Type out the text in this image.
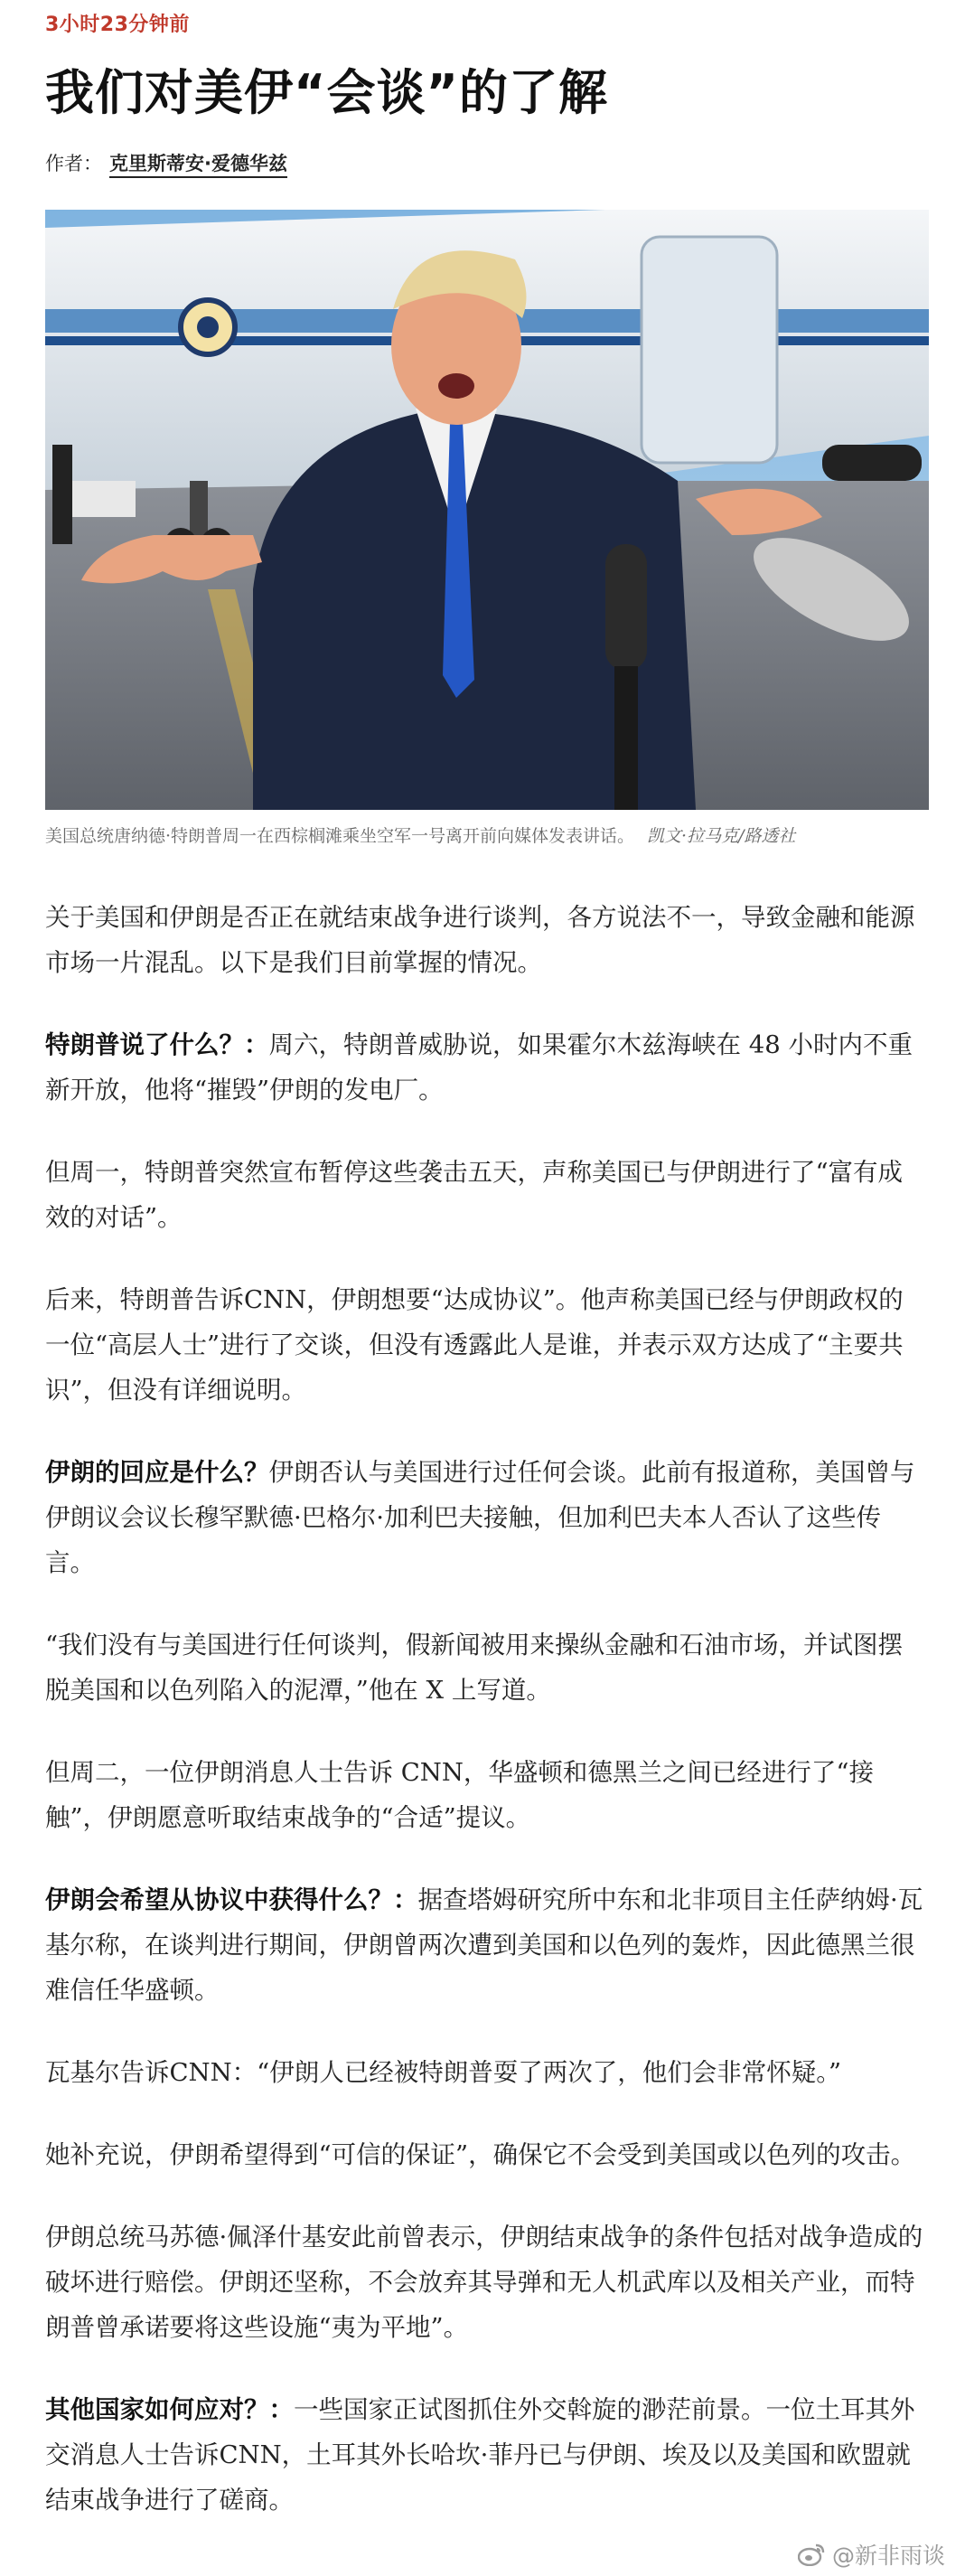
3小时23分钟前
我们对美伊“会谈”的了解
作者： 克里斯蒂安·爱德华兹
美国总统唐纳德·特朗普周一在西棕榈滩乘坐空军一号离开前向媒体发表讲话。 凯文·拉马克/路透社

关于美国和伊朗是否正在就结束战争进行谈判，各方说法不一，导致金融和能源市场一片混乱。以下是我们目前掌握的情况。

特朗普说了什么？：周六，特朗普威胁说，如果霍尔木兹海峡在 48 小时内不重新开放，他将“摧毁”伊朗的发电厂。

但周一，特朗普突然宣布暂停这些袭击五天，声称美国已与伊朗进行了“富有成效的对话”。

后来，特朗普告诉CNN，伊朗想要“达成协议”。他声称美国已经与伊朗政权的一位“高层人士”进行了交谈，但没有透露此人是谁，并表示双方达成了“主要共识”，但没有详细说明。

伊朗的回应是什么？伊朗否认与美国进行过任何会谈。此前有报道称，美国曾与伊朗议会议长穆罕默德·巴格尔·加利巴夫接触，但加利巴夫本人否认了这些传言。

“我们没有与美国进行任何谈判，假新闻被用来操纵金融和石油市场，并试图摆脱美国和以色列陷入的泥潭，”他在 X 上写道。

但周二，一位伊朗消息人士告诉 CNN，华盛顿和德黑兰之间已经进行了“接触”，伊朗愿意听取结束战争的“合适”提议。

伊朗会希望从协议中获得什么？：据查塔姆研究所中东和北非项目主任萨纳姆·瓦基尔称，在谈判进行期间，伊朗曾两次遭到美国和以色列的轰炸，因此德黑兰很难信任华盛顿。

瓦基尔告诉CNN：“伊朗人已经被特朗普耍了两次了，他们会非常怀疑。”

她补充说，伊朗希望得到“可信的保证”，确保它不会受到美国或以色列的攻击。

伊朗总统马苏德·佩泽什基安此前曾表示，伊朗结束战争的条件包括对战争造成的破坏进行赔偿。伊朗还坚称，不会放弃其导弹和无人机武库以及相关产业，而特朗普曾承诺要将这些设施“夷为平地”。

其他国家如何应对？：一些国家正试图抓住外交斡旋的渺茫前景。一位土耳其外交消息人士告诉CNN，土耳其外长哈坎·菲丹已与伊朗、埃及以及美国和欧盟就结束战争进行了磋商。

@新非雨谈
